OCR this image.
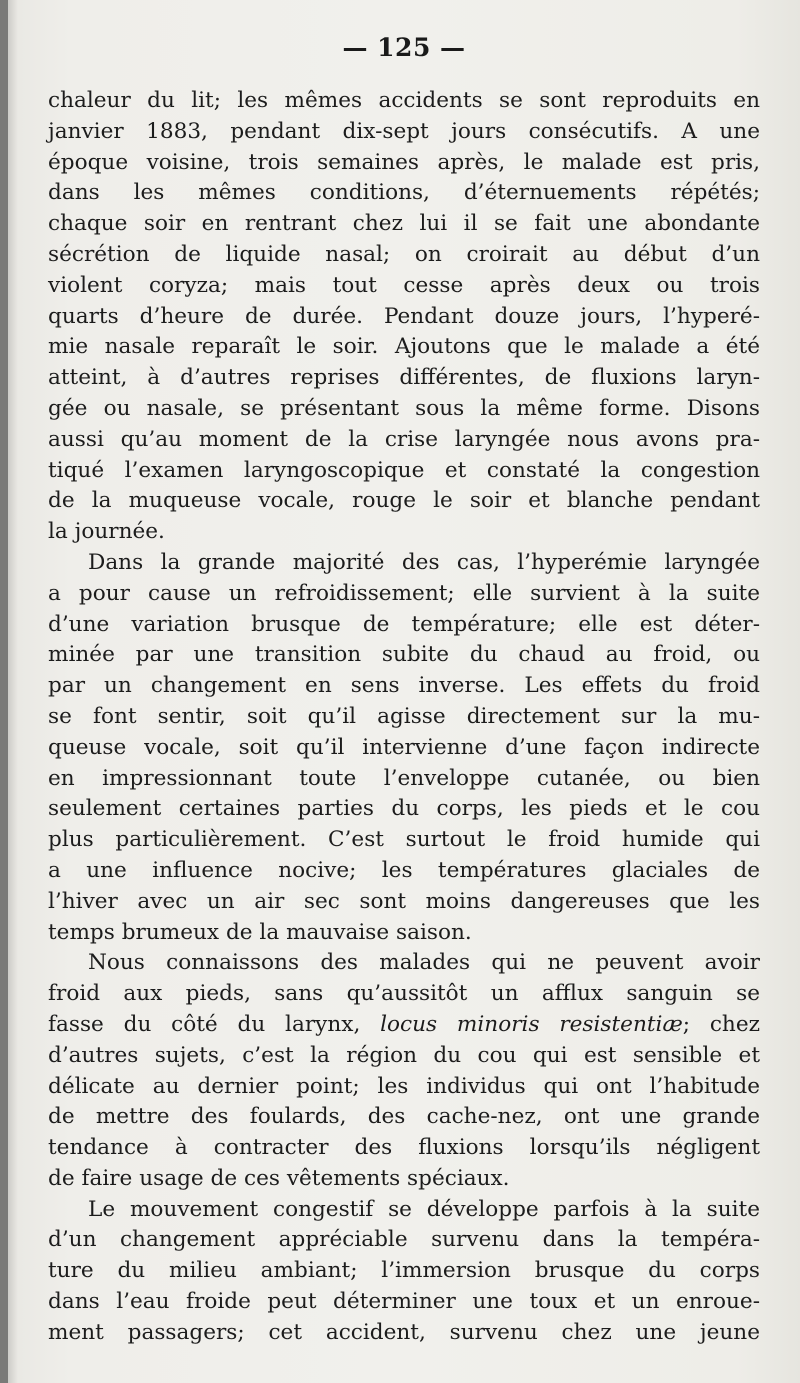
— 125 —
chaleur du lit; les mêmes accidents se sont reproduits en
janvier 1883, pendant dix-sept jours consécutifs. A une
époque voisine, trois semaines après, le malade est pris,
dans les mêmes conditions, d’éternuements répétés;
chaque soir en rentrant chez lui il se fait une abondante
sécrétion de liquide nasal; on croirait au début d’un
violent coryza; mais tout cesse après deux ou trois
quarts d’heure de durée. Pendant douze jours, l’hyperé-
mie nasale reparaît le soir. Ajoutons que le malade a été
atteint, à d’autres reprises différentes, de fluxions laryn-
gée ou nasale, se présentant sous la même forme. Disons
aussi qu’au moment de la crise laryngée nous avons pra-
tiqué l’examen laryngoscopique et constaté la congestion
de la muqueuse vocale, rouge le soir et blanche pendant
la journée.
Dans la grande majorité des cas, l’hyperémie laryngée
a pour cause un refroidissement; elle survient à la suite
d’une variation brusque de température; elle est déter-
minée par une transition subite du chaud au froid, ou
par un changement en sens inverse. Les effets du froid
se font sentir, soit qu’il agisse directement sur la mu-
queuse vocale, soit qu’il intervienne d’une façon indirecte
en impressionnant toute l’enveloppe cutanée, ou bien
seulement certaines parties du corps, les pieds et le cou
plus particulièrement. C’est surtout le froid humide qui
a une influence nocive; les températures glaciales de
l’hiver avec un air sec sont moins dangereuses que les
temps brumeux de la mauvaise saison.
Nous connaissons des malades qui ne peuvent avoir
froid aux pieds, sans qu’aussitôt un afflux sanguin se
fasse du côté du larynx, locus minoris resistentiæ; chez
d’autres sujets, c’est la région du cou qui est sensible et
délicate au dernier point; les individus qui ont l’habitude
de mettre des foulards, des cache-nez, ont une grande
tendance à contracter des fluxions lorsqu’ils négligent
de faire usage de ces vêtements spéciaux.
Le mouvement congestif se développe parfois à la suite
d’un changement appréciable survenu dans la tempéra-
ture du milieu ambiant; l’immersion brusque du corps
dans l’eau froide peut déterminer une toux et un enroue-
ment passagers; cet accident, survenu chez une jeune
